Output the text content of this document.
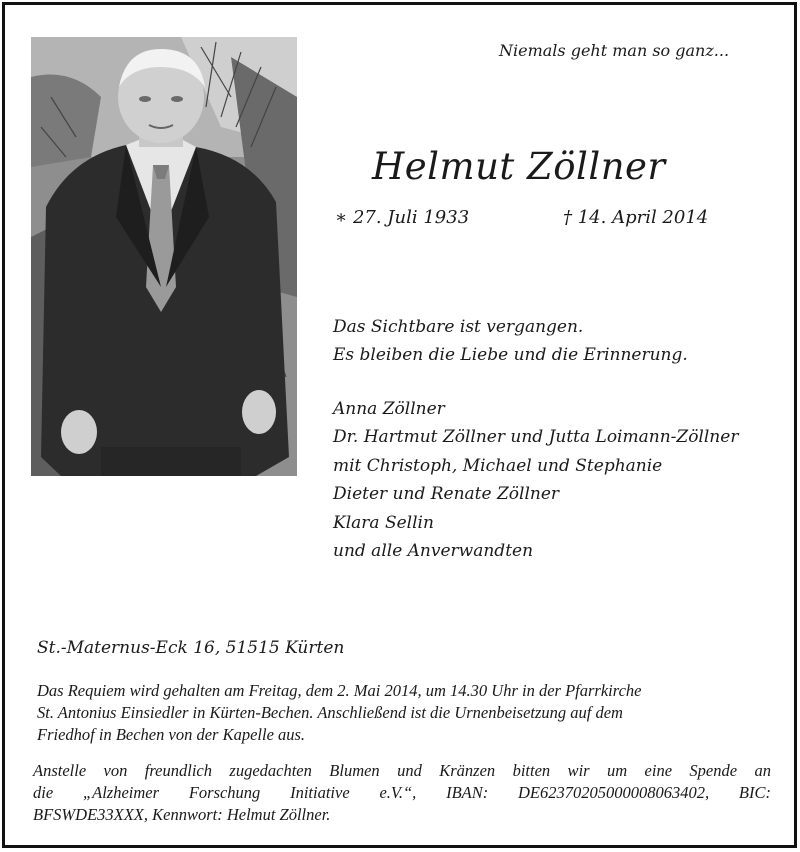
Niemals geht man so ganz...
Helmut Zöllner
∗ 27. Juli 1933	† 14. April 2014
Das Sichtbare ist vergangen.
Es bleiben die Liebe und die Erinnerung.
Anna Zöllner
Dr. Hartmut Zöllner und Jutta Loimann-Zöllner
mit Christoph, Michael und Stephanie
Dieter und Renate Zöllner
Klara Sellin
und alle Anverwandten
St.-Maternus-Eck 16, 51515 Kürten
Das Requiem wird gehalten am Freitag, dem 2. Mai 2014, um 14.30 Uhr in der Pfarrkirche
St. Antonius Einsiedler in Kürten-Bechen. Anschließend ist die Urnenbeisetzung auf dem
Friedhof in Bechen von der Kapelle aus.
Anstelle von freundlich zugedachten Blumen und Kränzen bitten wir um eine Spende an
die „Alzheimer Forschung Initiative e.V.“, IBAN: DE62370205000008063402, BIC:
BFSWDE33XXX, Kennwort: Helmut Zöllner.
